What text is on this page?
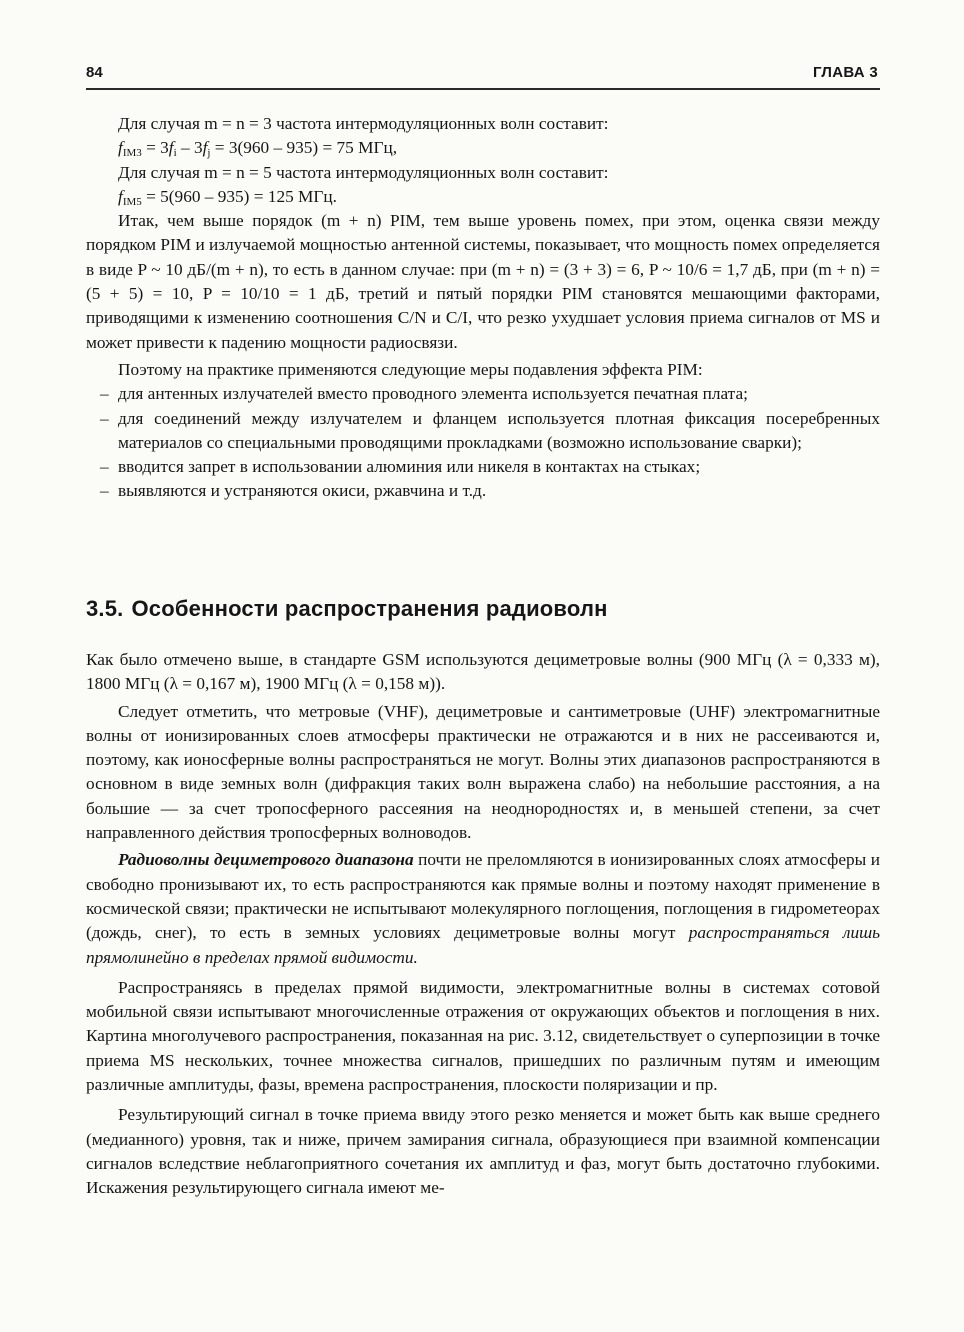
84	ГЛАВА 3

Для случая m = n = 3 частота интермодуляционных волн составит:

$f_{IM3} = 3f_i - 3f_j = 3(960 - 935) = 75$ МГц,

Для случая m = n = 5 частота интермодуляционных волн составит:

$f_{IM5} = 5(960 - 935) = 125$ МГц.

Итак, чем выше порядок (m + n) PIM, тем выше уровень помех, при этом, оценка связи между порядком PIM и излучаемой мощностью антенной системы, показывает, что мощность помех определяется в виде P ~ 10 дБ/(m + n), то есть в данном случае: при (m + n) = (3 + 3) = 6, P ~ 10/6 = 1,7 дБ, при (m + n) = (5 + 5) = 10, P = 10/10 = 1 дБ, третий и пятый порядки PIM становятся мешающими факторами, приводящими к изменению соотношения C/N и C/I, что резко ухудшает условия приема сигналов от MS и может привести к падению мощности радиосвязи.

Поэтому на практике применяются следующие меры подавления эффекта PIM:

– для антенных излучателей вместо проводного элемента используется печатная плата;
– для соединений между излучателем и фланцем используется плотная фиксация посеребренных материалов со специальными проводящими прокладками (возможно использование сварки);
– вводится запрет в использовании алюминия или никеля в контактах на стыках;
– выявляются и устраняются окиси, ржавчина и т.д.
3.5. Особенности распространения радиоволн

Как было отмечено выше, в стандарте GSM используются дециметровые волны (900 МГц (λ = 0,333 м), 1800 МГц (λ = 0,167 м), 1900 МГц (λ = 0,158 м)).

Следует отметить, что метровые (VHF), дециметровые и сантиметровые (UHF) электромагнитные волны от ионизированных слоев атмосферы практически не отражаются и в них не рассеиваются и, поэтому, как ионосферные волны распространяться не могут. Волны этих диапазонов распространяются в основном в виде земных волн (дифракция таких волн выражена слабо) на небольшие расстояния, а на большие — за счет тропосферного рассеяния на неоднородностях и, в меньшей степени, за счет направленного действия тропосферных волноводов.

Радиоволны дециметрового диапазона почти не преломляются в ионизированных слоях атмосферы и свободно пронизывают их, то есть распространяются как прямые волны и поэтому находят применение в космической связи; практически не испытывают молекулярного поглощения, поглощения в гидрометеорах (дождь, снег), то есть в земных условиях дециметровые волны могут распространяться лишь прямолинейно в пределах прямой видимости.

Распространяясь в пределах прямой видимости, электромагнитные волны в системах сотовой мобильной связи испытывают многочисленные отражения от окружающих объектов и поглощения в них. Картина многолучевого распространения, показанная на рис. 3.12, свидетельствует о суперпозиции в точке приема MS нескольких, точнее множества сигналов, пришедших по различным путям и имеющим различные амплитуды, фазы, времена распространения, плоскости поляризации и пр.

Результирующий сигнал в точке приема ввиду этого резко меняется и может быть как выше среднего (медианного) уровня, так и ниже, причем замирания сигнала, образующиеся при взаимной компенсации сигналов вследствие неблагоприятного сочетания их амплитуд и фаз, могут быть достаточно глубокими. Искажения результирующего сигнала имеют ме-
